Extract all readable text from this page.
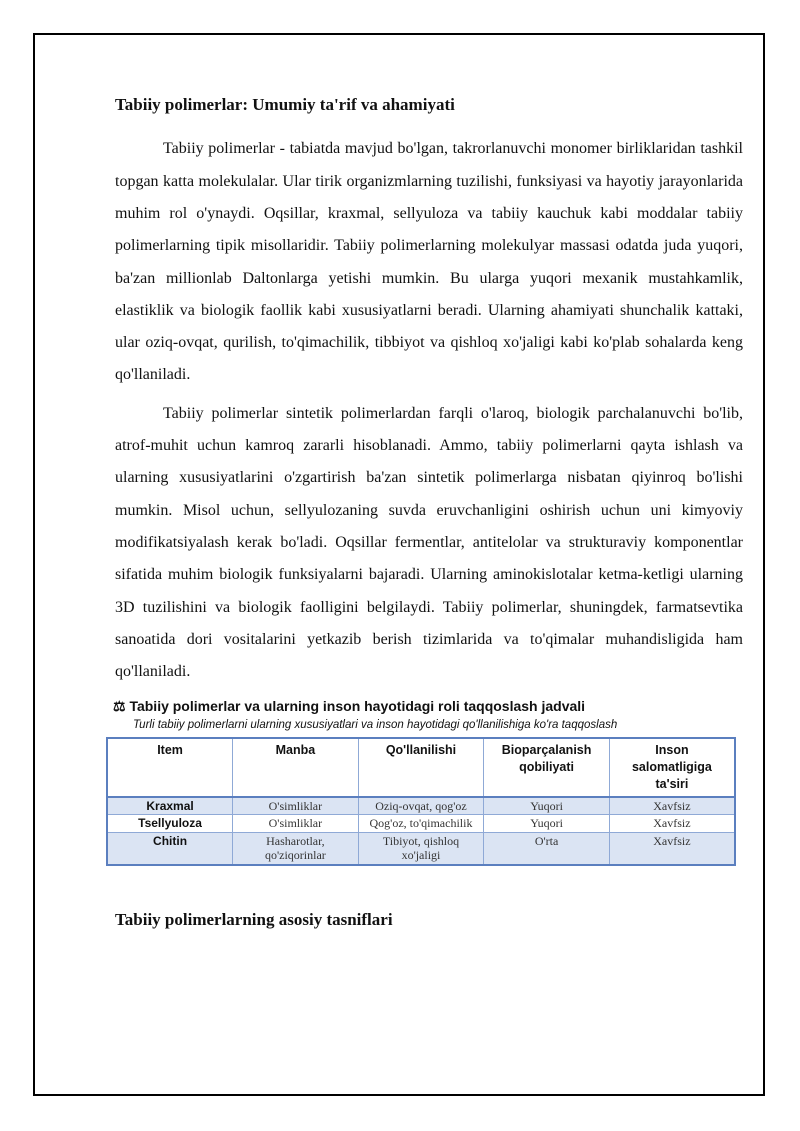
Tabiiy polimerlar: Umumiy ta'rif va ahamiyati

Tabiiy polimerlar - tabiatda mavjud bo'lgan, takrorlanuvchi monomer birliklaridan tashkil topgan katta molekulalar. Ular tirik organizmlarning tuzilishi, funksiyasi va hayotiy jarayonlarida muhim rol o'ynaydi. Oqsillar, kraxmal, sellyuloza va tabiiy kauchuk kabi moddalar tabiiy polimerlarning tipik misollaridir. Tabiiy polimerlarning molekulyar massasi odatda juda yuqori, ba'zan millionlab Daltonlarga yetishi mumkin. Bu ularga yuqori mexanik mustahkamlik, elastiklik va biologik faollik kabi xususiyatlarni beradi. Ularning ahamiyati shunchalik kattaki, ular oziq-ovqat, qurilish, to'qimachilik, tibbiyot va qishloq xo'jaligi kabi ko'plab sohalarda keng qo'llaniladi.

Tabiiy polimerlar sintetik polimerlardan farqli o'laroq, biologik parchalanuvchi bo'lib, atrof-muhit uchun kamroq zararli hisoblanadi. Ammo, tabiiy polimerlarni qayta ishlash va ularning xususiyatlarini o'zgartirish ba'zan sintetik polimerlarga nisbatan qiyinroq bo'lishi mumkin. Misol uchun, sellyulozaning suvda eruvchanligini oshirish uchun uni kimyoviy modifikatsiyalash kerak bo'ladi. Oqsillar fermentlar, antitelolar va strukturaviy komponentlar sifatida muhim biologik funksiyalarni bajaradi. Ularning aminokislotalar ketma-ketligi ularning 3D tuzilishini va biologik faolligini belgilaydi. Tabiiy polimerlar, shuningdek, farmatsevtika sanoatida dori vositalarini yetkazib berish tizimlarida va to'qimalar muhandisligida ham qo'llaniladi.

⚖ Tabiiy polimerlar va ularning inson hayotidagi roli taqqoslash jadvali
Turli tabiiy polimerlarni ularning xususiyatlari va inson hayotidagi qo'llanilishiga ko'ra taqqoslash
Item	Manba	Qo'llanilishi	Bioparçalanish qobiliyati	Inson salomatligiga ta'siri
Kraxmal	O'simliklar	Oziq-ovqat, qog'oz	Yuqori	Xavfsiz
Tsellyuloza	O'simliklar	Qog'oz, to'qimachilik	Yuqori	Xavfsiz
Chitin	Hasharotlar, qo'ziqorinlar	Tibiyot, qishloq xo'jaligi	O'rta	Xavfsiz
Tabiiy polimerlarning asosiy tasniflari
